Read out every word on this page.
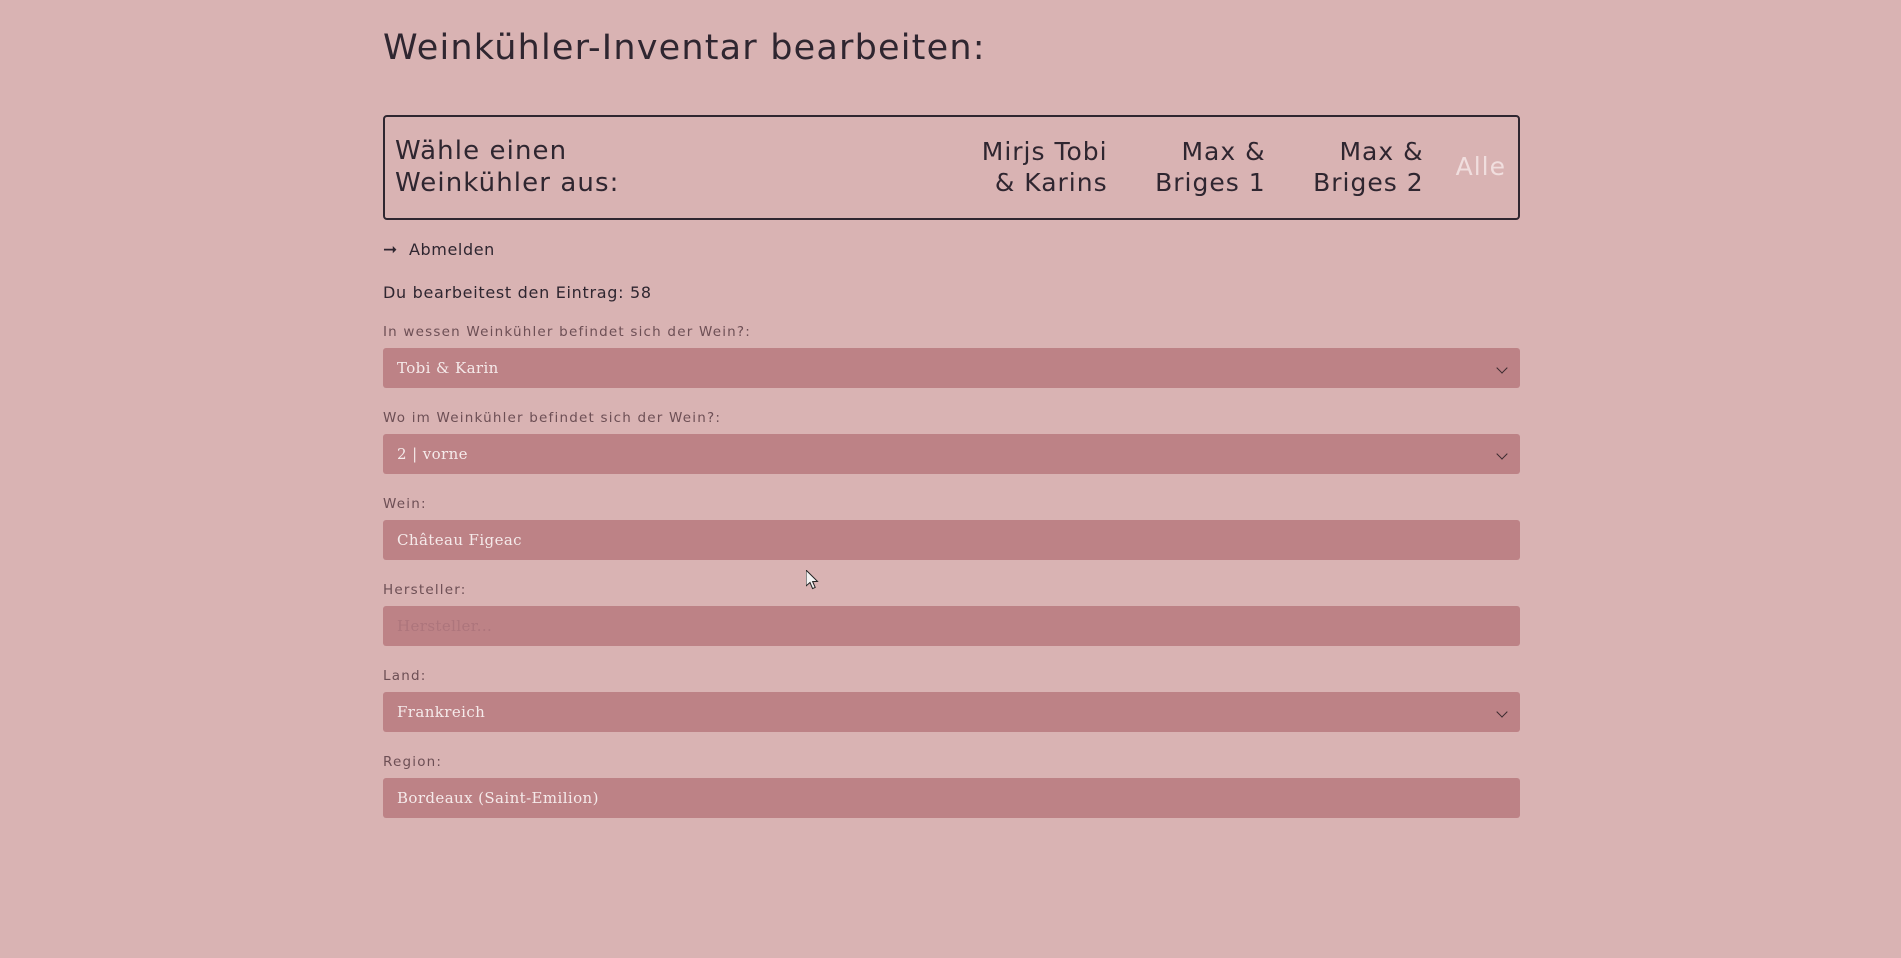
Weinkühler-Inventar bearbeiten:
Wähle einen Weinkühler aus:
Mirjs Tobi & Karins
Max & Briges 1
Max & Briges 2
Alle
➞ Abmelden
Du bearbeitest den Eintrag: 58
In wessen Weinkühler befindet sich der Wein?:
Tobi & Karin
Wo im Weinkühler befindet sich der Wein?:
2 | vorne
Wein:
Château Figeac
Hersteller:
Hersteller...
Land:
Frankreich
Region:
Bordeaux (Saint-Emilion)
